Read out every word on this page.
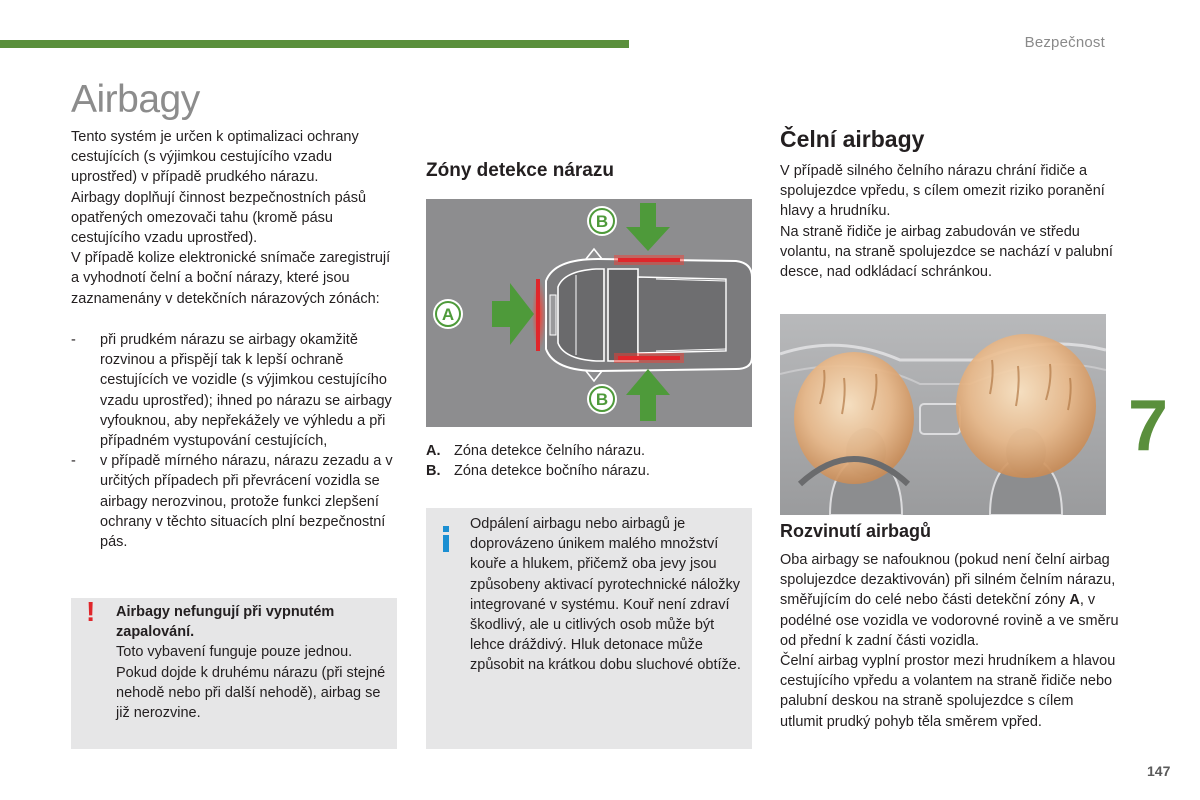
Bezpečnost
Airbagy

Tento systém je určen k optimalizaci ochrany cestujících (s výjimkou cestujícího vzadu uprostřed) v případě prudkého nárazu.

Airbagy doplňují činnost bezpečnostních pásů opatřených omezovači tahu (kromě pásu cestujícího vzadu uprostřed).

V případě kolize elektronické snímače zaregistrují a vyhodnotí čelní a boční nárazy, které jsou zaznamenány v detekčních nárazových zónách:

- při prudkém nárazu se airbagy okamžitě rozvinou a přispějí tak k lepší ochraně cestujících ve vozidle (s výjimkou cestujícího vzadu uprostřed); ihned po nárazu se airbagy vyfouknou, aby nepřekážely ve výhledu a při případném vystupování cestujících,
- v případě mírného nárazu, nárazu zezadu a v určitých případech při převrácení vozidla se airbagy nerozvinou, protože funkci zlepšení ochrany v těchto situacích plní bezpečnostní pás.
! Airbagy nefungují při vypnutém zapalování.

Toto vybavení funguje pouze jednou. Pokud dojde k druhému nárazu (při stejné nehodě nebo při další nehodě), airbag se již nerozvine.

Zóny detekce nárazu
A
B
B

A. Zóna detekce čelního nárazu.

B. Zóna detekce bočního nárazu.

Odpálení airbagu nebo airbagů je doprovázeno únikem malého množství kouře a hlukem, přičemž oba jevy jsou způsobeny aktivací pyrotechnické náložky integrované v systému. Kouř není zdraví škodlivý, ale u citlivých osob může být lehce dráždivý. Hluk detonace může způsobit na krátkou dobu sluchové obtíže.

Čelní airbagy

V případě silného čelního nárazu chrání řidiče a spolujezdce vpředu, s cílem omezit riziko poranění hlavy a hrudníku.

Na straně řidiče je airbag zabudován ve středu volantu, na straně spolujezdce se nachází v palubní desce, nad odkládací schránkou.

Rozvinutí airbagů

Oba airbagy se nafouknou (pokud není čelní airbag spolujezdce dezaktivován) při silném čelním nárazu, směřujícím do celé nebo části detekční zóny A, v podélné ose vozidla ve vodorovné rovině a ve směru od přední k zadní části vozidla.

Čelní airbag vyplní prostor mezi hrudníkem a hlavou cestujícího vpředu a volantem na straně řidiče nebo palubní deskou na straně spolujezdce s cílem utlumit prudký pohyb těla směrem vpřed.

7
147
